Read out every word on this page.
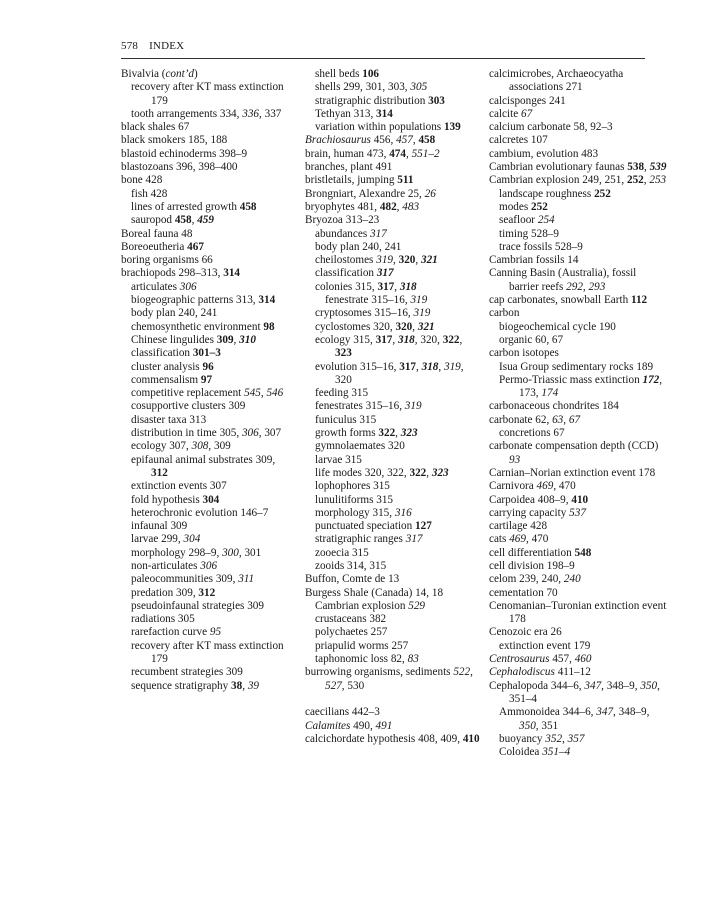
578 INDEX
Bivalvia (cont’d)
recovery after KT mass extinction 179
tooth arrangements 334, 336, 337
black shales 67
black smokers 185, 188
blastoid echinoderms 398–9
blastozoans 396, 398–400
bone 428
fish 428
lines of arrested growth 458
sauropod 458, 459
Boreal fauna 48
Boreoeutheria 467
boring organisms 66
brachiopods 298–313, 314
articulates 306
biogeographic patterns 313, 314
body plan 240, 241
chemosynthetic environment 98
Chinese lingulides 309, 310
classification 301–3
cluster analysis 96
commensalism 97
competitive replacement 545, 546
cosupportive clusters 309
disaster taxa 313
distribution in time 305, 306, 307
ecology 307, 308, 309
epifaunal animal substrates 309, 312
extinction events 307
fold hypothesis 304
heterochronic evolution 146–7
infaunal 309
larvae 299, 304
morphology 298–9, 300, 301
non-articulates 306
paleocommunities 309, 311
predation 309, 312
pseudoinfaunal strategies 309
radiations 305
rarefaction curve 95
recovery after KT mass extinction 179
recumbent strategies 309
sequence stratigraphy 38, 39
shell beds 106
shells 299, 301, 303, 305
stratigraphic distribution 303
Tethyan 313, 314
variation within populations 139
Brachiosaurus 456, 457, 458
brain, human 473, 474, 551–2
branches, plant 491
bristletails, jumping 511
Brongniart, Alexandre 25, 26
bryophytes 481, 482, 483
Bryozoa 313–23
abundances 317
body plan 240, 241
cheilostomes 319, 320, 321
classification 317
colonies 315, 317, 318
fenestrate 315–16, 319
cryptosomes 315–16, 319
cyclostomes 320, 320, 321
ecology 315, 317, 318, 320, 322, 323
evolution 315–16, 317, 318, 319, 320
feeding 315
fenestrates 315–16, 319
funiculus 315
growth forms 322, 323
gymnolaemates 320
larvae 315
life modes 320, 322, 322, 323
lophophores 315
lunulitiforms 315
morphology 315, 316
punctuated speciation 127
stratigraphic ranges 317
zooecia 315
zooids 314, 315
Buffon, Comte de 13
Burgess Shale (Canada) 14, 18
Cambrian explosion 529
crustaceans 382
polychaetes 257
priapulid worms 257
taphonomic loss 82, 83
burrowing organisms, sediments 522, 527, 530
caecilians 442–3
Calamites 490, 491
calcichordate hypothesis 408, 409, 410
calcimicrobes, Archaeocyatha associations 271
calcisponges 241
calcite 67
calcium carbonate 58, 92–3
calcretes 107
cambium, evolution 483
Cambrian evolutionary faunas 538, 539
Cambrian explosion 249, 251, 252, 253
landscape roughness 252
modes 252
seafloor 254
timing 528–9
trace fossils 528–9
Cambrian fossils 14
Canning Basin (Australia), fossil barrier reefs 292, 293
cap carbonates, snowball Earth 112
carbon
biogeochemical cycle 190
organic 60, 67
carbon isotopes
Isua Group sedimentary rocks 189
Permo-Triassic mass extinction 172, 173, 174
carbonaceous chondrites 184
carbonate 62, 63, 67
concretions 67
carbonate compensation depth (CCD) 93
Carnian–Norian extinction event 178
Carnivora 469, 470
Carpoidea 408–9, 410
carrying capacity 537
cartilage 428
cats 469, 470
cell differentiation 548
cell division 198–9
celom 239, 240, 240
cementation 70
Cenomanian–Turonian extinction event 178
Cenozoic era 26
extinction event 179
Centrosaurus 457, 460
Cephalodiscus 411–12
Cephalopoda 344–6, 347, 348–9, 350, 351–4
Ammonoidea 344–6, 347, 348–9, 350, 351
buoyancy 352, 357
Coloidea 351–4
